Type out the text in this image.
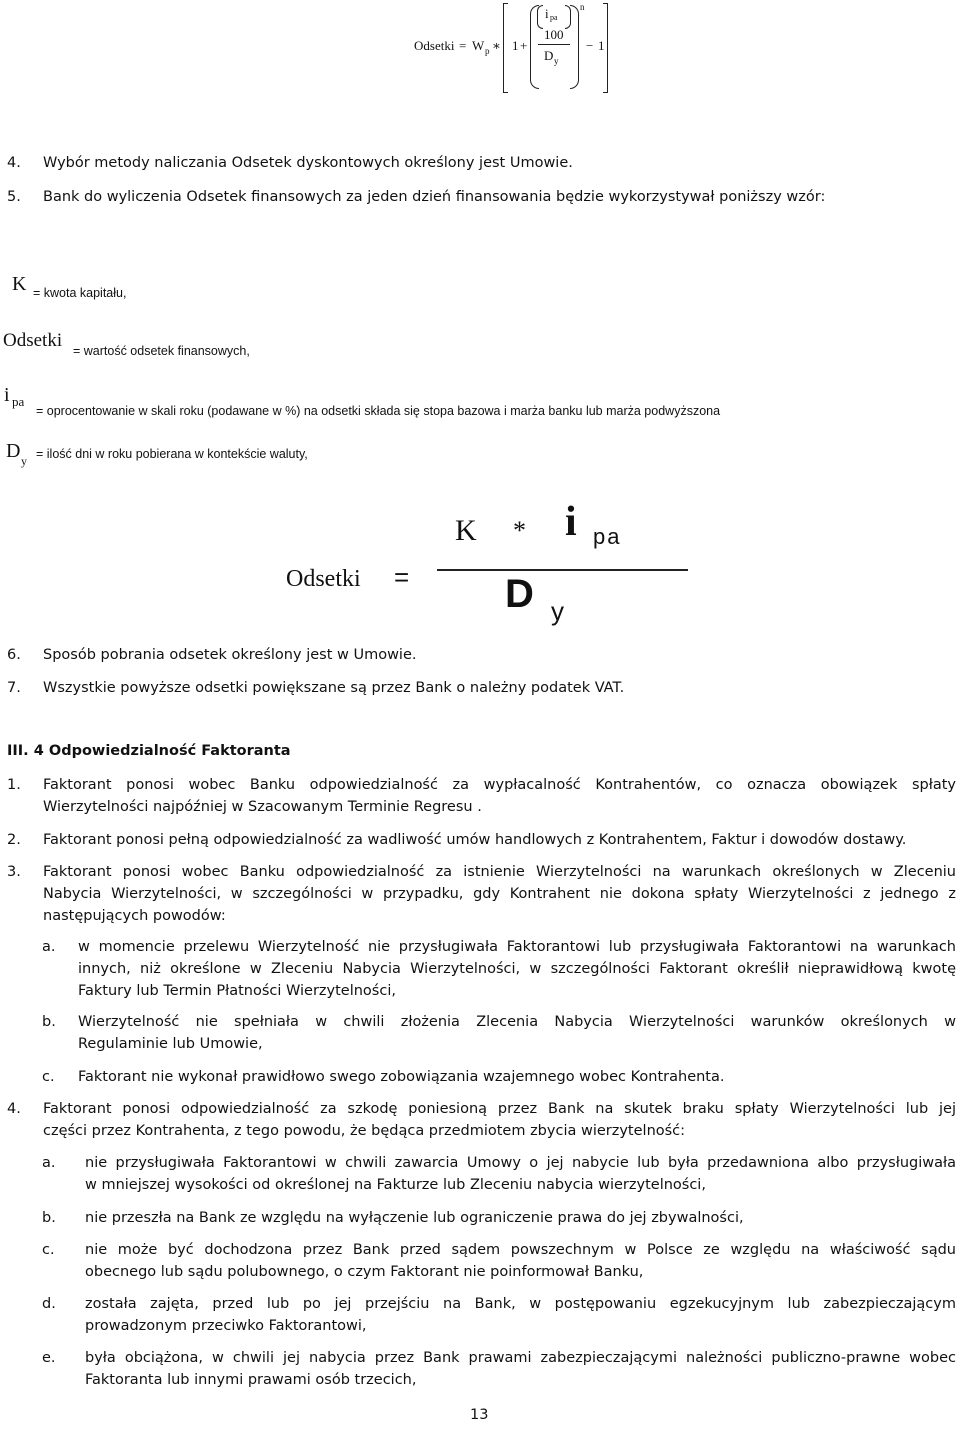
Odsetki = W p ∗ 1 +
i pa
100
D y
n
− 1
4. Wybór metody naliczania Odsetek dyskontowych określony jest Umowie.
5. Bank do wyliczenia Odsetek finansowych za jeden dzień finansowania będzie wykorzystywał poniższy wzór:
K = kwota kapitału,
Odsetki = wartość odsetek finansowych,
i pa
= oprocentowanie w skali roku (podawane w %) na odsetki składa się stopa bazowa i marża banku lub marża podwyższona
D y = ilość dni w roku pobierana w kontekście waluty,
K * i pa
Odsetki = D y
6. Sposób pobrania odsetek określony jest w Umowie.
7. Wszystkie powyższe odsetki powiększane są przez Bank o należny podatek VAT.
III. 4 Odpowiedzialność Faktoranta
1. Faktorant ponosi wobec Banku odpowiedzialność za wypłacalność Kontrahentów, co oznacza obowiązek spłaty
Wierzytelności najpóźniej w Szacowanym Terminie Regresu .
2. Faktorant ponosi pełną odpowiedzialność za wadliwość umów handlowych z Kontrahentem, Faktur i dowodów dostawy.
3. Faktorant ponosi wobec Banku odpowiedzialność za istnienie Wierzytelności na warunkach określonych w Zleceniu
Nabycia Wierzytelności, w szczególności w przypadku, gdy Kontrahent nie dokona spłaty Wierzytelności z jednego z
następujących powodów:
a. w momencie przelewu Wierzytelność nie przysługiwała Faktorantowi lub przysługiwała Faktorantowi na warunkach
innych, niż określone w Zleceniu Nabycia Wierzytelności, w szczególności Faktorant określił nieprawidłową kwotę
Faktury lub Termin Płatności Wierzytelności,
b. Wierzytelność nie spełniała w chwili złożenia Zlecenia Nabycia Wierzytelności warunków określonych w
Regulaminie lub Umowie,
c. Faktorant nie wykonał prawidłowo swego zobowiązania wzajemnego wobec Kontrahenta.
4. Faktorant ponosi odpowiedzialność za szkodę poniesioną przez Bank na skutek braku spłaty Wierzytelności lub jej
części przez Kontrahenta, z tego powodu, że będąca przedmiotem zbycia wierzytelność:
a. nie przysługiwała Faktorantowi w chwili zawarcia Umowy o jej nabycie lub była przedawniona albo przysługiwała
w mniejszej wysokości od określonej na Fakturze lub Zleceniu nabycia wierzytelności,
b. nie przeszła na Bank ze względu na wyłączenie lub ograniczenie prawa do jej zbywalności,
c. nie może być dochodzona przez Bank przed sądem powszechnym w Polsce ze względu na właściwość sądu
obecnego lub sądu polubownego, o czym Faktorant nie poinformował Banku,
d. została zajęta, przed lub po jej przejściu na Bank, w postępowaniu egzekucyjnym lub zabezpieczającym
prowadzonym przeciwko Faktorantowi,
e. była obciążona, w chwili jej nabycia przez Bank prawami zabezpieczającymi należności publiczno-prawne wobec
Faktoranta lub innymi prawami osób trzecich,
13
